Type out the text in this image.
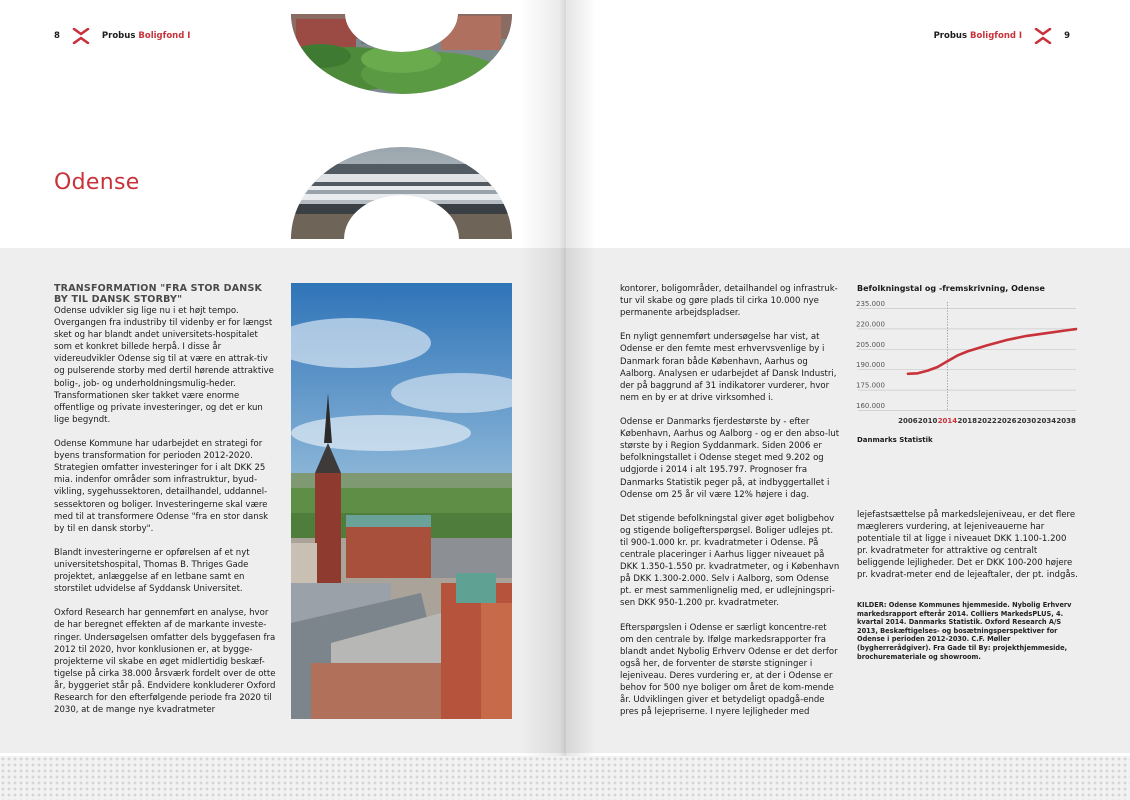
8	Probus Boligfond I	Probus Boligfond I	9
Odense
TRANSFORMATION "FRA STOR DANSK BY TIL DANSK STORBY"

Odense udvikler sig lige nu i et højt tempo. Overgangen fra industriby til videnby er for længst sket og har blandt andet universitets-hospitalet som et konkret billede herpå. I disse år videreudvikler Odense sig til at være en attrak-tiv og pulserende storby med dertil hørende attraktive bolig-, job- og underholdningsmulig-heder. Transformationen sker takket være enorme offentlige og private investeringer, og det er kun lige begyndt.

Odense Kommune har udarbejdet en strategi for byens transformation for perioden 2012-2020. Strategien omfatter investeringer for i alt DKK 25 mia. indenfor områder som infrastruktur, byud-vikling, sygehussektoren, detailhandel, uddannel-sessektoren og boliger. Investeringerne skal være med til at transformere Odense "fra en stor dansk by til en dansk storby".

Blandt investeringerne er opførelsen af et nyt universitetshospital, Thomas B. Thriges Gade projektet, anlæggelse af en letbane samt en storstilet udvidelse af Syddansk Universitet.

Oxford Research har gennemført en analyse, hvor de har beregnet effekten af de markante investe-ringer. Undersøgelsen omfatter dels byggefasen fra 2012 til 2020, hvor konklusionen er, at bygge-projekterne vil skabe en øget midlertidig beskæf-tigelse på cirka 38.000 årsværk fordelt over de otte år, byggeriet står på. Endvidere konkluderer Oxford Research for den efterfølgende periode fra 2020 til 2030, at de mange nye kvadratmeter

kontorer, boligområder, detailhandel og infrastruk-tur vil skabe og gøre plads til cirka 10.000 nye permanente arbejdspladser.

En nyligt gennemført undersøgelse har vist, at Odense er den femte mest erhvervsvenlige by i Danmark foran både København, Aarhus og Aalborg. Analysen er udarbejdet af Dansk Industri, der på baggrund af 31 indikatorer vurderer, hvor nem en by er at drive virksomhed i.

Odense er Danmarks fjerdestørste by - efter København, Aarhus og Aalborg - og er den abso-lut største by i Region Syddanmark. Siden 2006 er befolkningstallet i Odense steget med 9.202 og udgjorde i 2014 i alt 195.797. Prognoser fra Danmarks Statistik peger på, at indbyggertallet i Odense om 25 år vil være 12% højere i dag.

Det stigende befolkningstal giver øget boligbehov og stigende boligefterspørgsel. Boliger udlejes pt. til 900-1.000 kr. pr. kvadratmeter i Odense. På centrale placeringer i Aarhus ligger niveauet på DKK 1.350-1.550 pr. kvadratmeter, og i København på DKK 1.300-2.000. Selv i Aalborg, som Odense pt. er mest sammenlignelig med, er udlejningspri-sen DKK 950-1.200 pr. kvadratmeter.

Efterspørgslen i Odense er særligt koncentre-ret om den centrale by. Ifølge markedsrapporter fra blandt andet Nybolig Erhverv Odense er det derfor også her, de forventer de største stigninger i lejeniveau. Deres vurdering er, at der i Odense er behov for 500 nye boliger om året de kom-mende år. Udviklingen giver et betydeligt opadgå-ende pres på lejepriserne. I nyere lejligheder med

Befolkningstal og -fremskrivning, Odense
235.000
220.000
205.000
190.000
175.000
160.000
2006 2010 2014 2018 2022 2026 2030 2034 2038
Danmarks Statistik

lejefastsættelse på markedslejeniveau, er det flere mæglerers vurdering, at lejeniveauerne har potentiale til at ligge i niveauet DKK 1.100-1.200 pr. kvadratmeter for attraktive og centralt beliggende lejligheder. Det er DKK 100-200 højere pr. kvadrat-meter end de lejeaftaler, der pt. indgås.

KILDER: Odense Kommunes hjemmeside. Nybolig Erhverv markedsrapport efterår 2014. Colliers MarkedsPLUS, 4. kvartal 2014. Danmarks Statistik. Oxford Research A/S 2013, Beskæftigelses- og bosætningsperspektiver for Odense i perioden 2012-2030. C.F. Møller (bygherrerådgiver). Fra Gade til By: projekthjemmeside, brochurematerialе og showroom.
